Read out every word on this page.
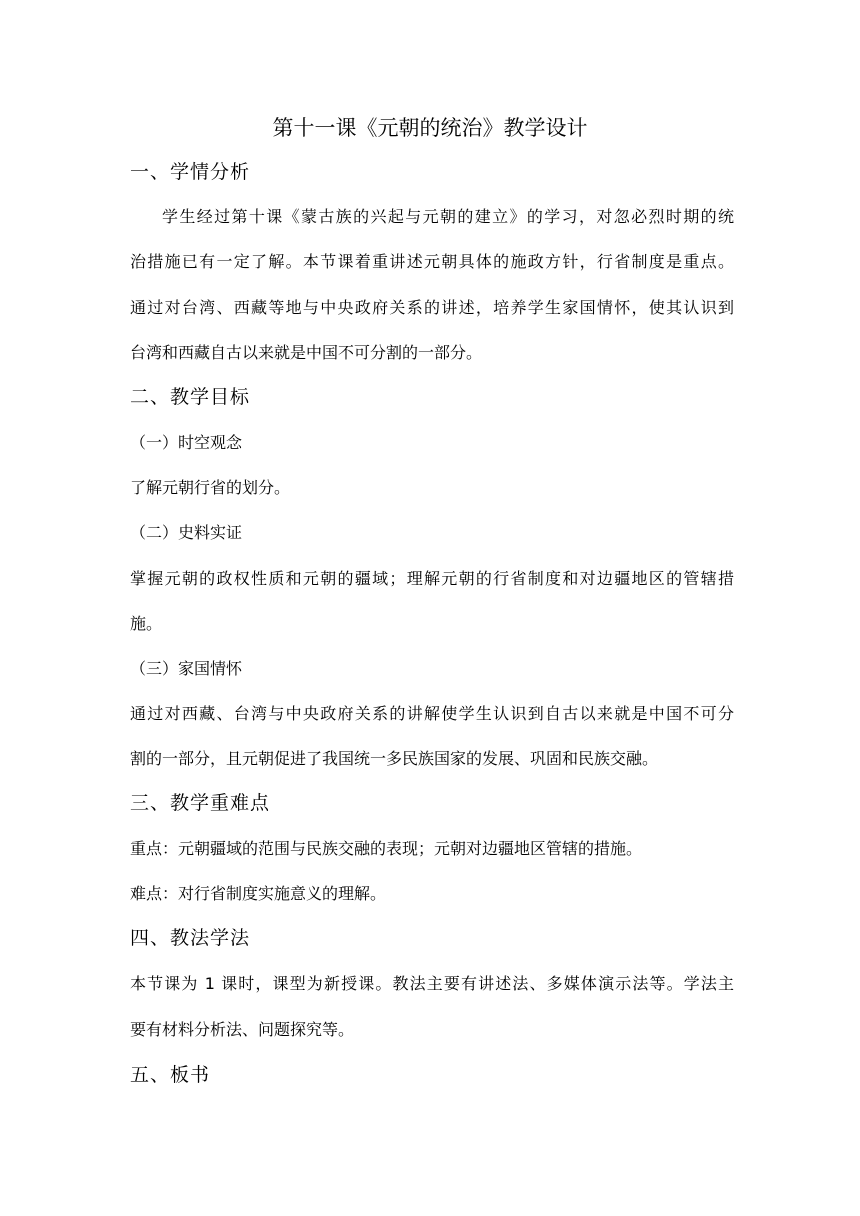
第十一课《元朝的统治》教学设计
一、学情分析
学生经过第十课《蒙古族的兴起与元朝的建立》的学习，对忽必烈时期的统
治措施已有一定了解。本节课着重讲述元朝具体的施政方针，行省制度是重点。
通过对台湾、西藏等地与中央政府关系的讲述，培养学生家国情怀，使其认识到
台湾和西藏自古以来就是中国不可分割的一部分。
二、教学目标
（一）时空观念
了解元朝行省的划分。
（二）史料实证
掌握元朝的政权性质和元朝的疆域；理解元朝的行省制度和对边疆地区的管辖措
施。
（三）家国情怀
通过对西藏、台湾与中央政府关系的讲解使学生认识到自古以来就是中国不可分
割的一部分，且元朝促进了我国统一多民族国家的发展、巩固和民族交融。
三、教学重难点
重点：元朝疆域的范围与民族交融的表现；元朝对边疆地区管辖的措施。
难点：对行省制度实施意义的理解。
四、教法学法
本节课为 1 课时，课型为新授课。教法主要有讲述法、多媒体演示法等。学法主
要有材料分析法、问题探究等。
五、板书
